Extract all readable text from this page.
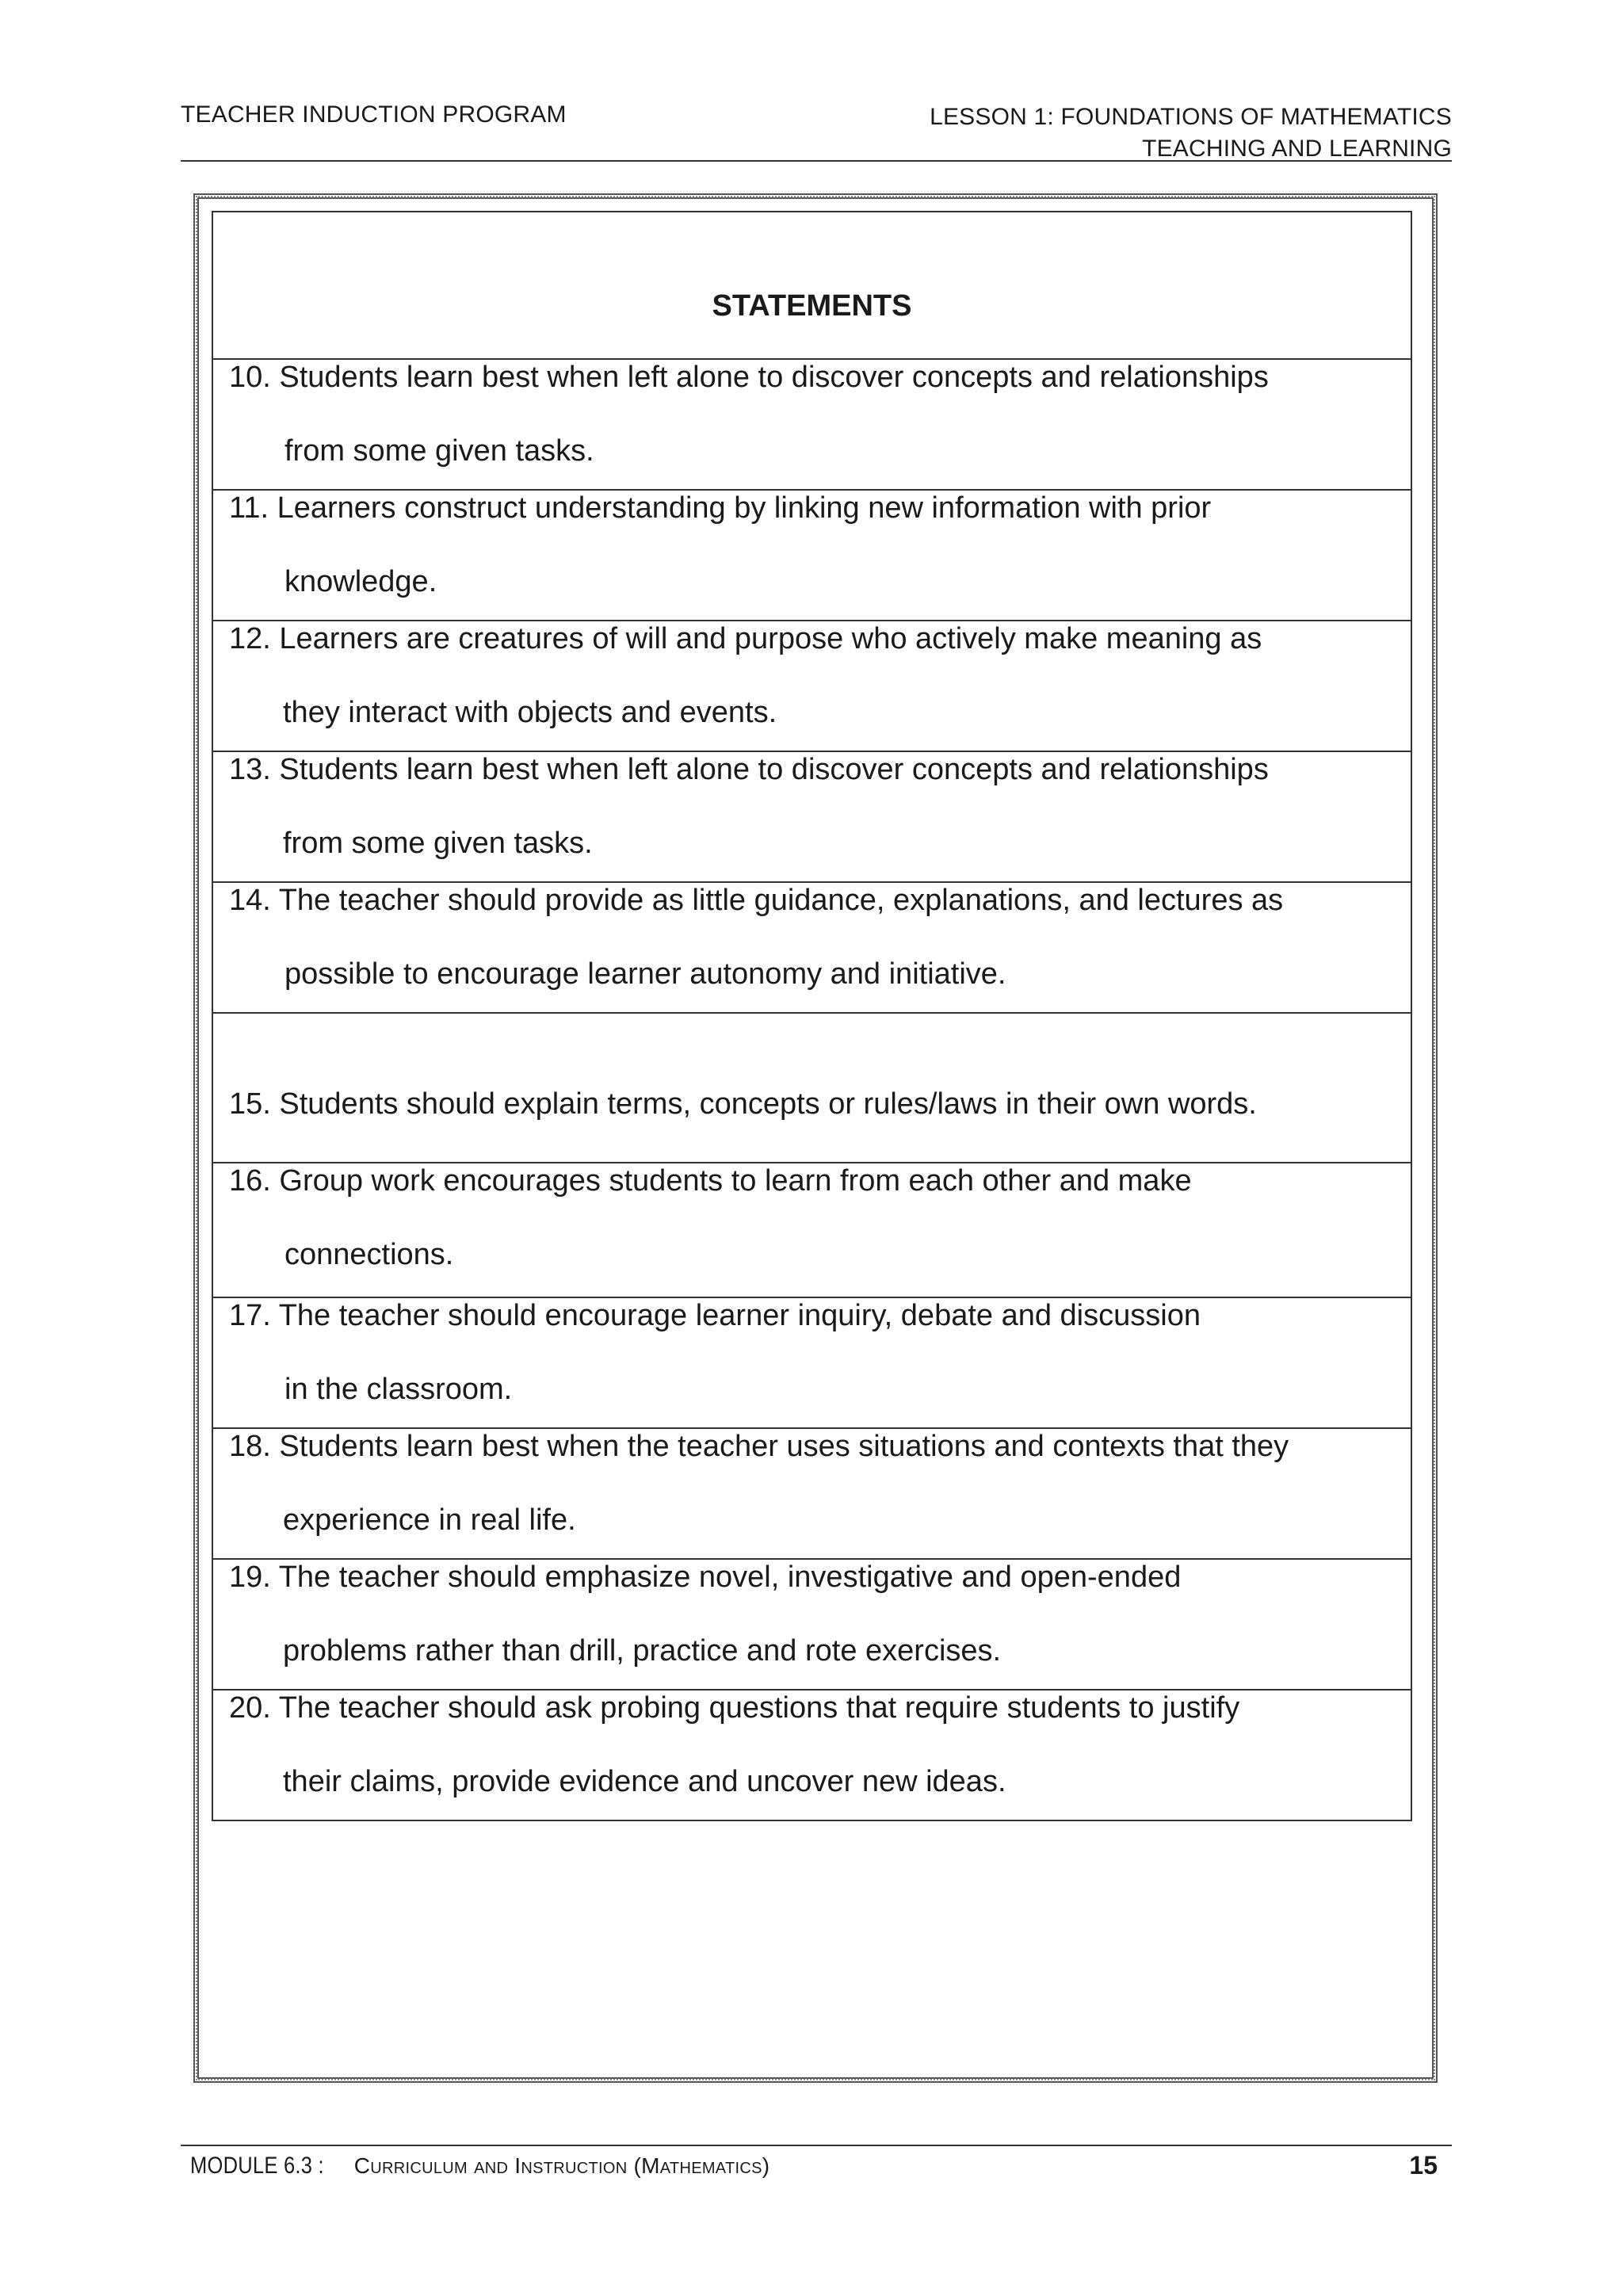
TEACHER INDUCTION PROGRAM	LESSON 1: FOUNDATIONS OF MATHEMATICS
TEACHING AND LEARNING
STATEMENTS

10. Students learn best when left alone to discover concepts and relationships
from some given tasks.

11. Learners construct understanding by linking new information with prior
knowledge.

12. Learners are creatures of will and purpose who actively make meaning as
they interact with objects and events.

13. Students learn best when left alone to discover concepts and relationships
from some given tasks.

14. The teacher should provide as little guidance, explanations, and lectures as
possible to encourage learner autonomy and initiative.

15. Students should explain terms, concepts or rules/laws in their own words.

16. Group work encourages students to learn from each other and make
connections.

17. The teacher should encourage learner inquiry, debate and discussion
in the classroom.

18. Students learn best when the teacher uses situations and contexts that they
experience in real life.

19. The teacher should emphasize novel, investigative and open-ended
problems rather than drill, practice and rote exercises.

20. The teacher should ask probing questions that require students to justify
their claims, provide evidence and uncover new ideas.
MODULE 6.3 : Curriculum and Instruction (Mathematics)	15
